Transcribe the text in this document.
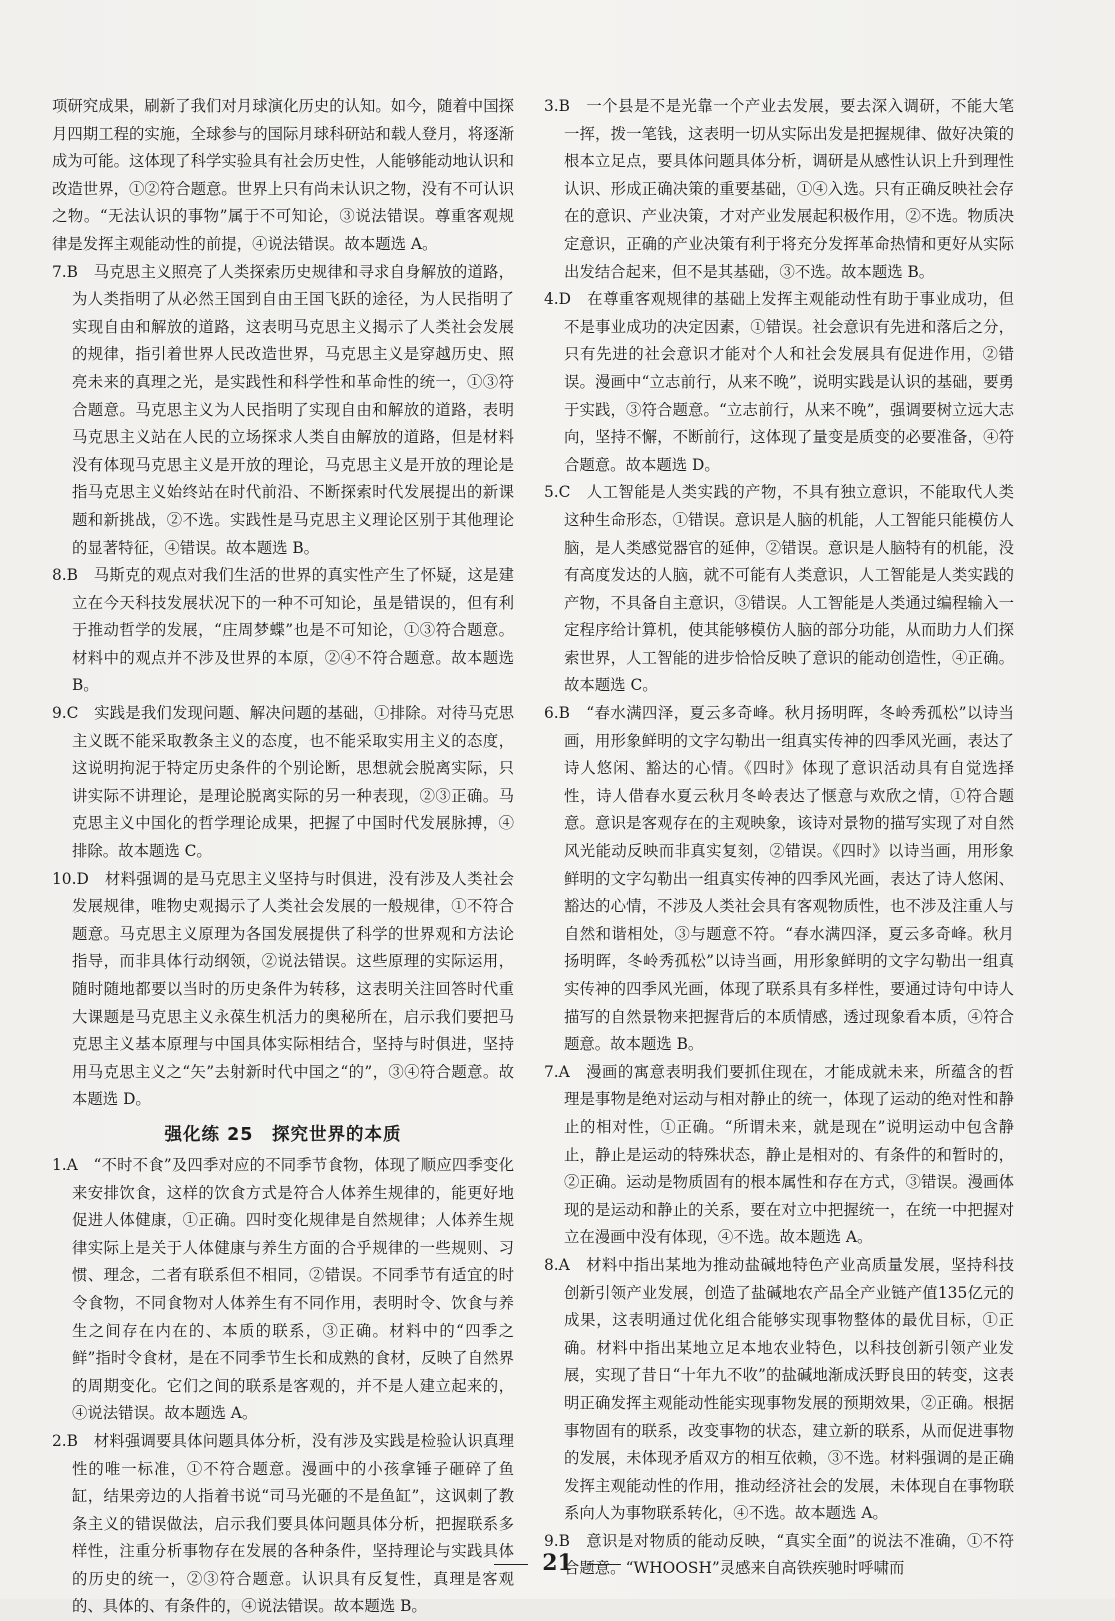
项研究成果，刷新了我们对月球演化历史的认知。如今，随着中国探月四期工程的实施，全球参与的国际月球科研站和载人登月，将逐渐成为可能。这体现了科学实验具有社会历史性，人能够能动地认识和改造世界，①②符合题意。世界上只有尚未认识之物，没有不可认识之物。“无法认识的事物”属于不可知论，③说法错误。尊重客观规律是发挥主观能动性的前提，④说法错误。故本题选 A。

7.B　马克思主义照亮了人类探索历史规律和寻求自身解放的道路，为人类指明了从必然王国到自由王国飞跃的途径，为人民指明了实现自由和解放的道路，这表明马克思主义揭示了人类社会发展的规律，指引着世界人民改造世界，马克思主义是穿越历史、照亮未来的真理之光，是实践性和科学性和革命性的统一，①③符合题意。马克思主义为人民指明了实现自由和解放的道路，表明马克思主义站在人民的立场探求人类自由解放的道路，但是材料没有体现马克思主义是开放的理论，马克思主义是开放的理论是指马克思主义始终站在时代前沿、不断探索时代发展提出的新课题和新挑战，②不选。实践性是马克思主义理论区别于其他理论的显著特征，④错误。故本题选 B。

8.B　马斯克的观点对我们生活的世界的真实性产生了怀疑，这是建立在今天科技发展状况下的一种不可知论，虽是错误的，但有利于推动哲学的发展，“庄周梦蝶”也是不可知论，①③符合题意。材料中的观点并不涉及世界的本原，②④不符合题意。故本题选 B。

9.C　实践是我们发现问题、解决问题的基础，①排除。对待马克思主义既不能采取教条主义的态度，也不能采取实用主义的态度，这说明拘泥于特定历史条件的个别论断，思想就会脱离实际，只讲实际不讲理论，是理论脱离实际的另一种表现，②③正确。马克思主义中国化的哲学理论成果，把握了中国时代发展脉搏，④排除。故本题选 C。

10.D　材料强调的是马克思主义坚持与时俱进，没有涉及人类社会发展规律，唯物史观揭示了人类社会发展的一般规律，①不符合题意。马克思主义原理为各国发展提供了科学的世界观和方法论指导，而非具体行动纲领，②说法错误。这些原理的实际运用，随时随地都要以当时的历史条件为转移，这表明关注回答时代重大课题是马克思主义永葆生机活力的奥秘所在，启示我们要把马克思主义基本原理与中国具体实际相结合，坚持与时俱进，坚持用马克思主义之“矢”去射新时代中国之“的”，③④符合题意。故本题选 D。

强化练 25　探究世界的本质

1.A　“不时不食”及四季对应的不同季节食物，体现了顺应四季变化来安排饮食，这样的饮食方式是符合人体养生规律的，能更好地促进人体健康，①正确。四时变化规律是自然规律；人体养生规律实际上是关于人体健康与养生方面的合乎规律的一些规则、习惯、理念，二者有联系但不相同，②错误。不同季节有适宜的时令食物，不同食物对人体养生有不同作用，表明时令、饮食与养生之间存在内在的、本质的联系，③正确。材料中的“四季之鲜”指时令食材，是在不同季节生长和成熟的食材，反映了自然界的周期变化。它们之间的联系是客观的，并不是人建立起来的，④说法错误。故本题选 A。

2.B　材料强调要具体问题具体分析，没有涉及实践是检验认识真理性的唯一标准，①不符合题意。漫画中的小孩拿锤子砸碎了鱼缸，结果旁边的人指着书说“司马光砸的不是鱼缸”，这讽刺了教条主义的错误做法，启示我们要具体问题具体分析，把握联系多样性，注重分析事物存在发展的各种条件，坚持理论与实践具体的历史的统一，②③符合题意。认识具有反复性，真理是客观的、具体的、有条件的，④说法错误。故本题选 B。

3.B　一个县是不是光靠一个产业去发展，要去深入调研，不能大笔一挥，拨一笔钱，这表明一切从实际出发是把握规律、做好决策的根本立足点，要具体问题具体分析，调研是从感性认识上升到理性认识、形成正确决策的重要基础，①④入选。只有正确反映社会存在的意识、产业决策，才对产业发展起积极作用，②不选。物质决定意识，正确的产业决策有利于将充分发挥革命热情和更好从实际出发结合起来，但不是其基础，③不选。故本题选 B。

4.D　在尊重客观规律的基础上发挥主观能动性有助于事业成功，但不是事业成功的决定因素，①错误。社会意识有先进和落后之分，只有先进的社会意识才能对个人和社会发展具有促进作用，②错误。漫画中“立志前行，从来不晚”，说明实践是认识的基础，要勇于实践，③符合题意。“立志前行，从来不晚”，强调要树立远大志向，坚持不懈，不断前行，这体现了量变是质变的必要准备，④符合题意。故本题选 D。

5.C　人工智能是人类实践的产物，不具有独立意识，不能取代人类这种生命形态，①错误。意识是人脑的机能，人工智能只能模仿人脑，是人类感觉器官的延伸，②错误。意识是人脑特有的机能，没有高度发达的人脑，就不可能有人类意识，人工智能是人类实践的产物，不具备自主意识，③错误。人工智能是人类通过编程输入一定程序给计算机，使其能够模仿人脑的部分功能，从而助力人们探索世界，人工智能的进步恰恰反映了意识的能动创造性，④正确。故本题选 C。

6.B　“春水满四泽，夏云多奇峰。秋月扬明晖，冬岭秀孤松”以诗当画，用形象鲜明的文字勾勒出一组真实传神的四季风光画，表达了诗人悠闲、豁达的心情。《四时》体现了意识活动具有自觉选择性，诗人借春水夏云秋月冬岭表达了惬意与欢欣之情，①符合题意。意识是客观存在的主观映象，该诗对景物的描写实现了对自然风光能动反映而非真实复刻，②错误。《四时》以诗当画，用形象鲜明的文字勾勒出一组真实传神的四季风光画，表达了诗人悠闲、豁达的心情，不涉及人类社会具有客观物质性，也不涉及注重人与自然和谐相处，③与题意不符。“春水满四泽，夏云多奇峰。秋月扬明晖，冬岭秀孤松”以诗当画，用形象鲜明的文字勾勒出一组真实传神的四季风光画，体现了联系具有多样性，要通过诗句中诗人描写的自然景物来把握背后的本质情感，透过现象看本质，④符合题意。故本题选 B。

7.A　漫画的寓意表明我们要抓住现在，才能成就未来，所蕴含的哲理是事物是绝对运动与相对静止的统一，体现了运动的绝对性和静止的相对性，①正确。“所谓未来，就是现在”说明运动中包含静止，静止是运动的特殊状态，静止是相对的、有条件的和暂时的，②正确。运动是物质固有的根本属性和存在方式，③错误。漫画体现的是运动和静止的关系，要在对立中把握统一，在统一中把握对立在漫画中没有体现，④不选。故本题选 A。

8.A　材料中指出某地为推动盐碱地特色产业高质量发展，坚持科技创新引领产业发展，创造了盐碱地农产品全产业链产值135亿元的成果，这表明通过优化组合能够实现事物整体的最优目标，①正确。材料中指出某地立足本地农业特色，以科技创新引领产业发展，实现了昔日“十年九不收”的盐碱地渐成沃野良田的转变，这表明正确发挥主观能动性能实现事物发展的预期效果，②正确。根据事物固有的联系，改变事物的状态，建立新的联系，从而促进事物的发展，未体现矛盾双方的相互依赖，③不选。材料强调的是正确发挥主观能动性的作用，推动经济社会的发展，未体现自在事物联系向人为事物联系转化，④不选。故本题选 A。

9.B　意识是对物质的能动反映，“真实全面”的说法不准确，①不符合题意。“WHOOSH”灵感来自高铁疾驰时呼啸而

21
